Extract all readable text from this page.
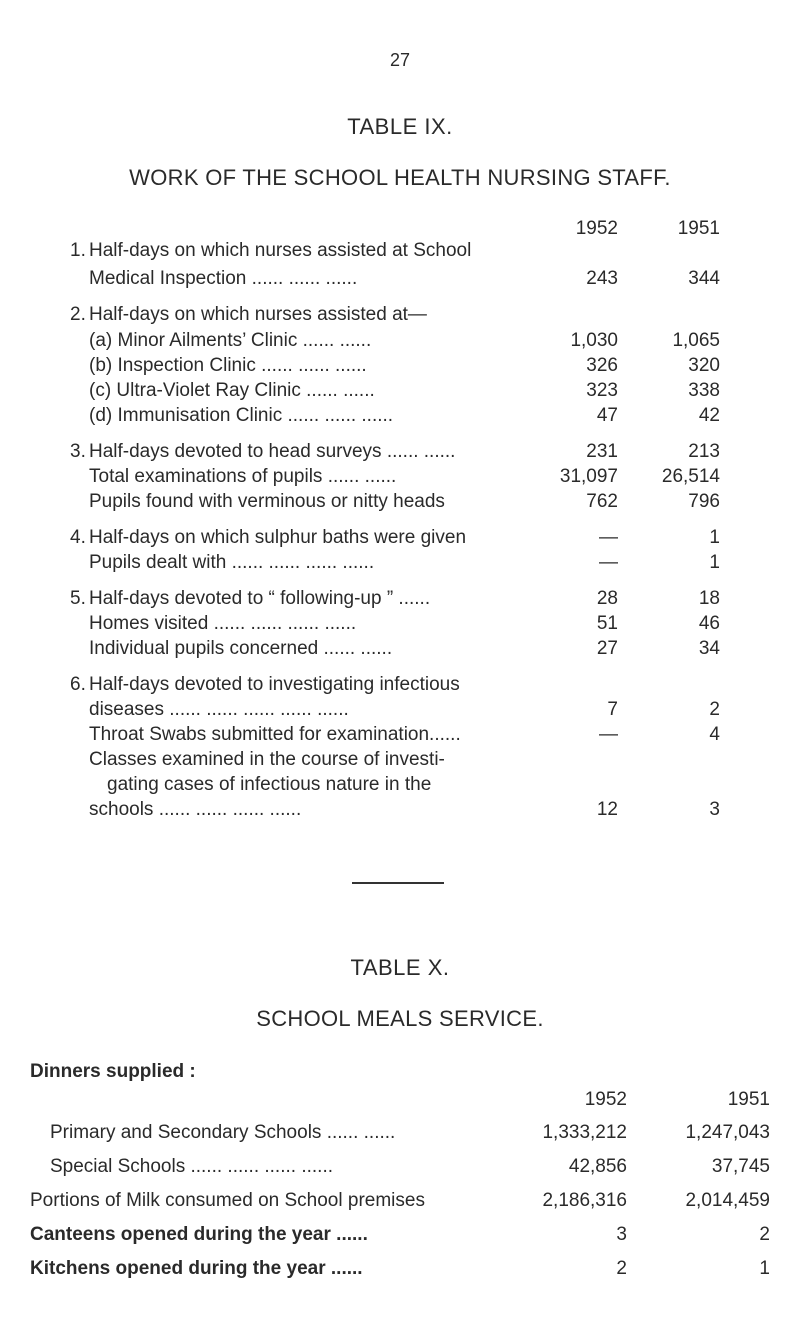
27
TABLE IX.
WORK OF THE SCHOOL HEALTH NURSING STAFF.
1952	1951
1. Half-days on which nurses assisted at School
Medical Inspection ...... ...... ......	243	344
2. Half-days on which nurses assisted at—
(a) Minor Ailments’ Clinic ...... ......	1,030	1,065
(b) Inspection Clinic ...... ...... ......	326	320
(c) Ultra-Violet Ray Clinic ...... ......	323	338
(d) Immunisation Clinic ...... ...... ......	47	42
3. Half-days devoted to head surveys ...... ......	231	213
Total examinations of pupils ...... ......	31,097 26,514
Pupils found with verminous or nitty heads	762	796
4. Half-days on which sulphur baths were given	—	1
Pupils dealt with ...... ...... ...... ......	—	1
5. Half-days devoted to “ following-up ” ......	28	18
Homes visited ...... ...... ...... ......	51	46
Individual pupils concerned ...... ......	27	34
6. Half-days devoted to investigating infectious
diseases ...... ...... ...... ...... ......	7	2
Throat Swabs submitted for examination......	—	4
Classes examined in the course of investi-
gating cases of infectious nature in the
schools ...... ...... ...... ......	12	3
TABLE X.
SCHOOL MEALS SERVICE.
Dinners supplied :
1952	1951
Primary and Secondary Schools ...... ......	1,333,212	1,247,043
Special Schools ...... ...... ...... ......	42,856	37,745
Portions of Milk consumed on School premises	2,186,316	2,014,459
Canteens opened during the year ......	3	2
Kitchens opened during the year ......	2	1
